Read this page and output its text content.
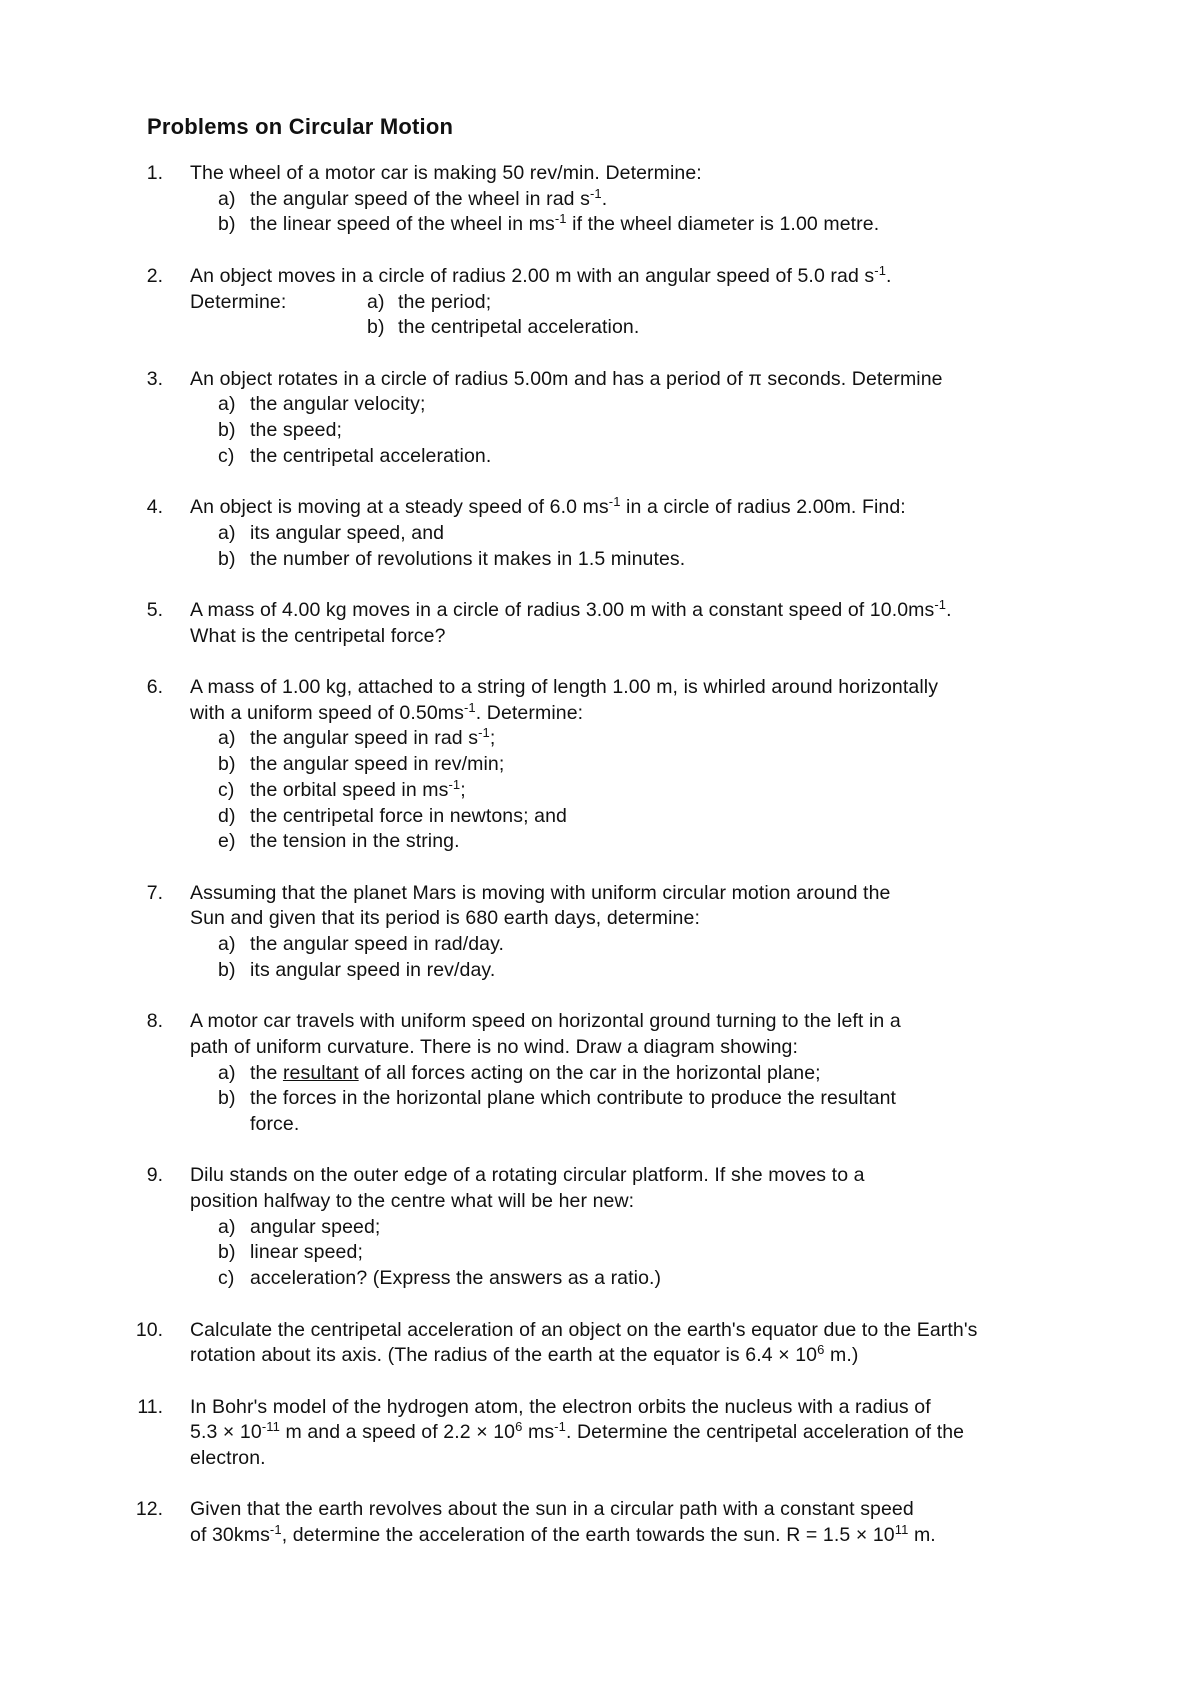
Problems on Circular Motion
1. The wheel of a motor car is making 50 rev/min. Determine:
a) the angular speed of the wheel in rad $s^{-1}$.
b) the linear speed of the wheel in $ms^{-1}$ if the wheel diameter is 1.00 metre.
2. An object moves in a circle of radius 2.00 m with an angular speed of 5.0 rad $s^{-1}$.
Determine:	a) the period;
b) the centripetal acceleration.
3. An object rotates in a circle of radius 5.00m and has a period of π seconds. Determine
a) the angular velocity;
b) the speed;
c) the centripetal acceleration.
4. An object is moving at a steady speed of 6.0 $ms^{-1}$ in a circle of radius 2.00m. Find:
a) its angular speed, and
b) the number of revolutions it makes in 1.5 minutes.
5. A mass of 4.00 kg moves in a circle of radius 3.00 m with a constant speed of $10.0ms^{-1}$.
What is the centripetal force?
6. A mass of 1.00 kg, attached to a string of length 1.00 m, is whirled around horizontally
with a uniform speed of $0.50ms^{-1}$. Determine:
a) the angular speed in rad $s^{-1}$;
b) the angular speed in rev/min;
c) the orbital speed in $ms^{-1}$;
d) the centripetal force in newtons; and
e) the tension in the string.
7. Assuming that the planet Mars is moving with uniform circular motion around the
Sun and given that its period is 680 earth days, determine:
a) the angular speed in rad/day.
b) its angular speed in rev/day.
8. A motor car travels with uniform speed on horizontal ground turning to the left in a
path of uniform curvature. There is no wind. Draw a diagram showing:
a) the resultant of all forces acting on the car in the horizontal plane;
b) the forces in the horizontal plane which contribute to produce the resultant
force.
9. Dilu stands on the outer edge of a rotating circular platform. If she moves to a
position halfway to the centre what will be her new:
a) angular speed;
b) linear speed;
c) acceleration? (Express the answers as a ratio.)
10. Calculate the centripetal acceleration of an object on the earth's equator due to the Earth's
rotation about its axis. (The radius of the earth at the equator is $6.4 \times 10^6$ m.)
11. In Bohr's model of the hydrogen atom, the electron orbits the nucleus with a radius of
$5.3 \times 10^{-11}$ m and a speed of $2.2 \times 10^6$ $ms^{-1}$. Determine the centripetal acceleration of the
electron.
12. Given that the earth revolves about the sun in a circular path with a constant speed
of 30kms$^{-1}$, determine the acceleration of the earth towards the sun. $R = 1.5 \times 10^{11}$ m.
